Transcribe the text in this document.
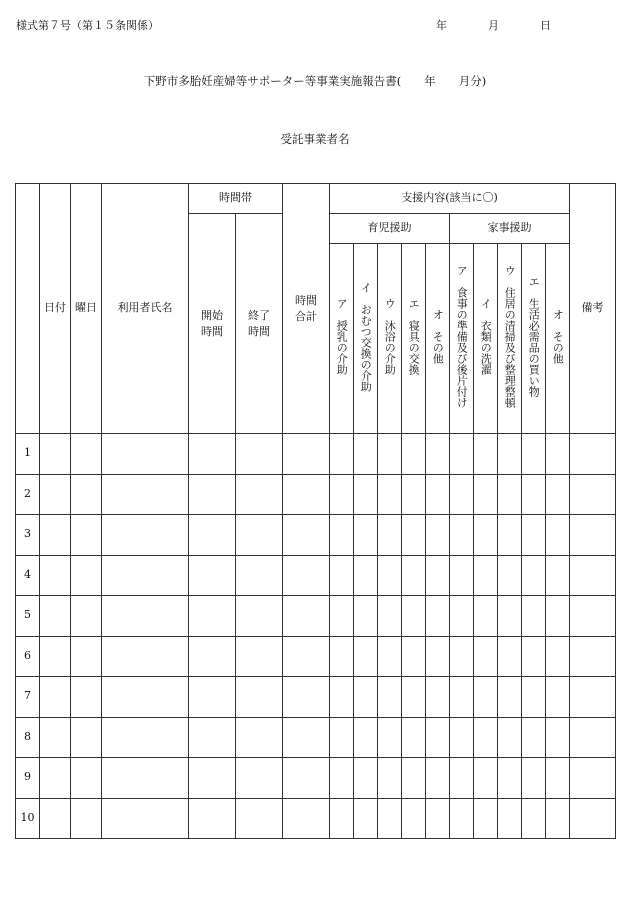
様式第７号（第１５条関係）	年	月	日
下野市多胎妊産婦等サポーター等事業実施報告書(　　年　　月分)
受託事業者名
	日付	曜日	利用者氏名	時間帯		時間合計	支援内容(該当に〇)										備考

				開始時間	終了時間		育児援助					家事援助					
							ア　授乳の介助	イ　おむつ交換の介助	ウ　沐浴の介助	エ　寝具の交換	オ　その他	ア　食事の準備及び後片付け	イ　衣類の洗濯	ウ　住居の清掃及び整理整頓	エ　生活必需品の買い物	オ　その他	
1																	
2																	
3																	
4																	
5																	
6																	
7																	
8																	
9																	
10																	
